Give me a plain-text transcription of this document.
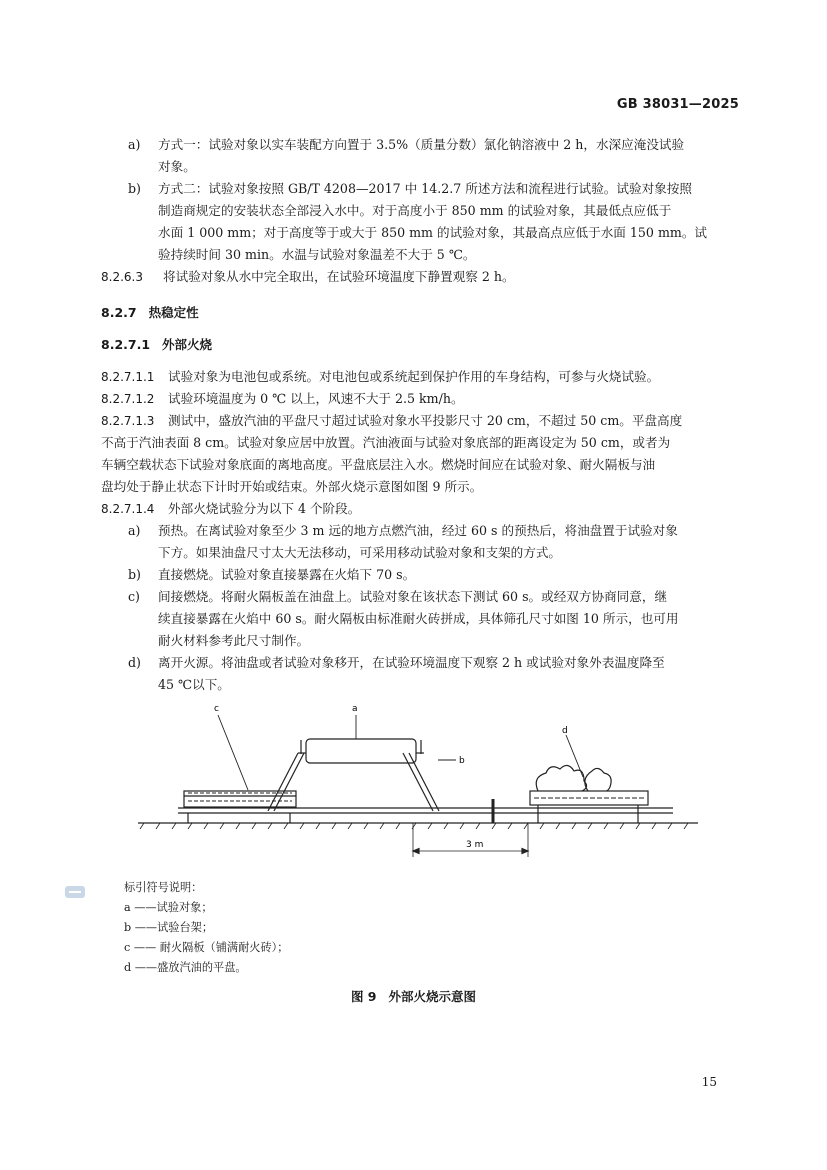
GB 38031—2025
a) 方式一：试验对象以实车装配方向置于 3.5%（质量分数）氯化钠溶液中 2 h，水深应淹没试验
对象。
b) 方式二：试验对象按照 GB/T 4208—2017 中 14.2.7 所述方法和流程进行试验。试验对象按照
制造商规定的安装状态全部浸入水中。对于高度小于 850 mm 的试验对象，其最低点应低于
水面 1 000 mm；对于高度等于或大于 850 mm 的试验对象，其最高点应低于水面 150 mm。试
验持续时间 30 min。水温与试验对象温差不大于 5 ℃。
8.2.6.3 将试验对象从水中完全取出，在试验环境温度下静置观察 2 h。
8.2.7 热稳定性
8.2.7.1 外部火烧
8.2.7.1.1 试验对象为电池包或系统。对电池包或系统起到保护作用的车身结构，可参与火烧试验。
8.2.7.1.2 试验环境温度为 0 ℃ 以上，风速不大于 2.5 km/h。
8.2.7.1.3 测试中，盛放汽油的平盘尺寸超过试验对象水平投影尺寸 20 cm，不超过 50 cm。平盘高度
不高于汽油表面 8 cm。试验对象应居中放置。汽油液面与试验对象底部的距离设定为 50 cm，或者为
车辆空载状态下试验对象底面的离地高度。平盘底层注入水。燃烧时间应在试验对象、耐火隔板与油
盘均处于静止状态下计时开始或结束。外部火烧示意图如图 9 所示。
8.2.7.1.4 外部火烧试验分为以下 4 个阶段。
a) 预热。在离试验对象至少 3 m 远的地方点燃汽油，经过 60 s 的预热后，将油盘置于试验对象
下方。如果油盘尺寸太大无法移动，可采用移动试验对象和支架的方式。
b) 直接燃烧。试验对象直接暴露在火焰下 70 s。
c) 间接燃烧。将耐火隔板盖在油盘上。试验对象在该状态下测试 60 s。或经双方协商同意，继
续直接暴露在火焰中 60 s。耐火隔板由标准耐火砖拼成，具体筛孔尺寸如图 10 所示，也可用
耐火材料参考此尺寸制作。
d) 离开火源。将油盘或者试验对象移开，在试验环境温度下观察 2 h 或试验对象外表温度降至
45 ℃以下。
c	a
b
d
3 m
标引符号说明：
a ——试验对象；
b ——试验台架；
c —— 耐火隔板（铺满耐火砖）；
d ——盛放汽油的平盘。
图 9 外部火烧示意图
15
